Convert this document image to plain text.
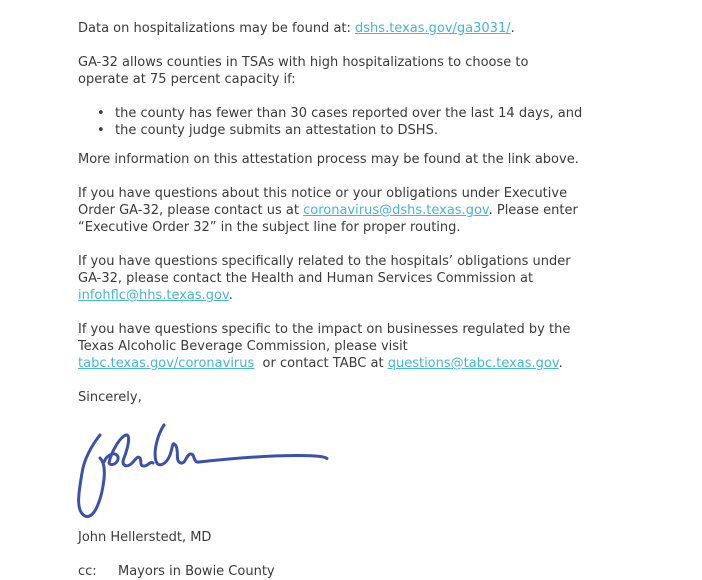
Data on hospitalizations may be found at: dshs.texas.gov/ga3031/.
GA-32 allows counties in TSAs with high hospitalizations to choose to
operate at 75 percent capacity if:
• the county has fewer than 30 cases reported over the last 14 days, and
• the county judge submits an attestation to DSHS.
More information on this attestation process may be found at the link above.
If you have questions about this notice or your obligations under Executive
Order GA-32, please contact us at coronavirus@dshs.texas.gov. Please enter
“Executive Order 32” in the subject line for proper routing.
If you have questions specifically related to the hospitals’ obligations under
GA-32, please contact the Health and Human Services Commission at
infohflc@hhs.texas.gov.
If you have questions specific to the impact on businesses regulated by the
Texas Alcoholic Beverage Commission, please visit
tabc.texas.gov/coronavirus  or contact TABC at questions@tabc.texas.gov.
Sincerely,
John Hellerstedt, MD
cc:	Mayors in Bowie County
